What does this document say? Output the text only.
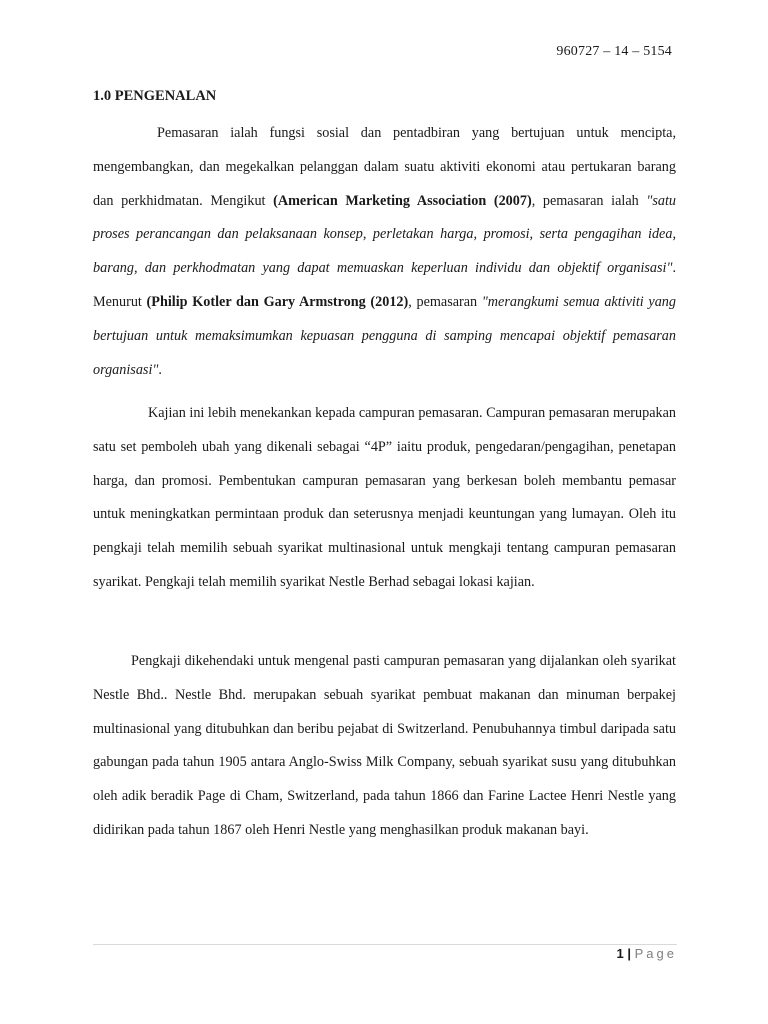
960727 – 14 – 5154
1.0 PENGENALAN

Pemasaran ialah fungsi sosial dan pentadbiran yang bertujuan untuk mencipta, mengembangkan, dan megekalkan pelanggan dalam suatu aktiviti ekonomi atau pertukaran barang dan perkhidmatan. Mengikut (American Marketing Association (2007), pemasaran ialah "satu proses perancangan dan pelaksanaan konsep, perletakan harga, promosi, serta pengagihan idea, barang, dan perkhodmatan yang dapat memuaskan keperluan individu dan objektif organisasi". Menurut (Philip Kotler dan Gary Armstrong (2012), pemasaran "merangkumi semua aktiviti yang bertujuan untuk memaksimumkan kepuasan pengguna di samping mencapai objektif pemasaran organisasi".

Kajian ini lebih menekankan kepada campuran pemasaran. Campuran pemasaran merupakan satu set pemboleh ubah yang dikenali sebagai “4P” iaitu produk, pengedaran/pengagihan, penetapan harga, dan promosi. Pembentukan campuran pemasaran yang berkesan boleh membantu pemasar untuk meningkatkan permintaan produk dan seterusnya menjadi keuntungan yang lumayan. Oleh itu pengkaji telah memilih sebuah syarikat multinasional untuk mengkaji tentang campuran pemasaran syarikat. Pengkaji telah memilih syarikat Nestle Berhad sebagai lokasi kajian.

Pengkaji dikehendaki untuk mengenal pasti campuran pemasaran yang dijalankan oleh syarikat Nestle Bhd.. Nestle Bhd. merupakan sebuah syarikat pembuat makanan dan minuman berpakej multinasional yang ditubuhkan dan beribu pejabat di Switzerland. Penubuhannya timbul daripada satu gabungan pada tahun 1905 antara Anglo-Swiss Milk Company, sebuah syarikat susu yang ditubuhkan oleh adik beradik Page di Cham, Switzerland, pada tahun 1866 dan Farine Lactee Henri Nestle yang didirikan pada tahun 1867 oleh Henri Nestle yang menghasilkan produk makanan bayi.

1 | Page
